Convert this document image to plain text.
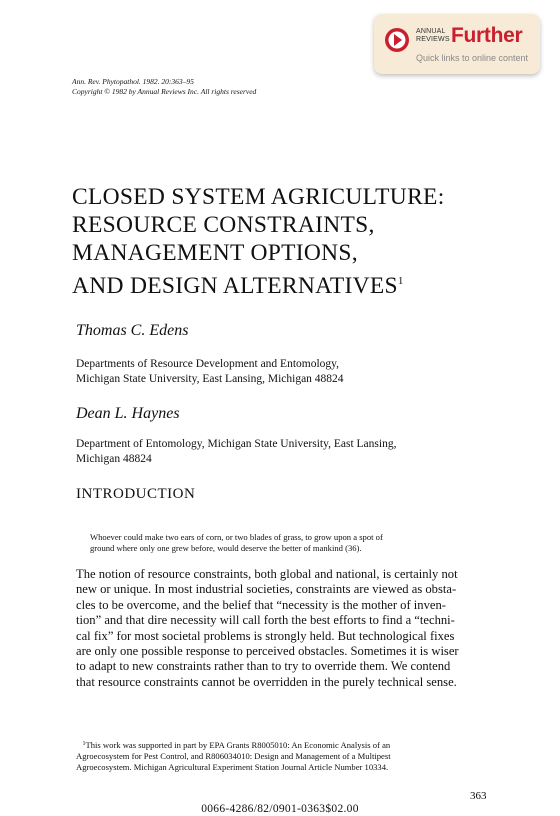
ANNUAL
REVIEWS Further
Quick links to online content
Ann. Rev. Phytopathol. 1982. 20:363–95
Copyright © 1982 by Annual Reviews Inc. All rights reserved
CLOSED SYSTEM AGRICULTURE:
RESOURCE CONSTRAINTS,
MANAGEMENT OPTIONS,
AND DESIGN ALTERNATIVES$^1$
Thomas C. Edens
Departments of Resource Development and Entomology,
Michigan State University, East Lansing, Michigan 48824
Dean L. Haynes
Department of Entomology, Michigan State University, East Lansing,
Michigan 48824
INTRODUCTION
Whoever could make two ears of corn, or two blades of grass, to grow upon a spot of
ground where only one grew before, would deserve the better of mankind (36).
The notion of resource constraints, both global and national, is certainly not
new or unique. In most industrial societies, constraints are viewed as obsta-
cles to be overcome, and the belief that “necessity is the mother of inven-
tion” and that dire necessity will call forth the best efforts to find a “techni-
cal fix” for most societal problems is strongly held. But technological fixes
are only one possible response to perceived obstacles. Sometimes it is wiser
to adapt to new constraints rather than to try to override them. We contend
that resource constraints cannot be overridden in the purely technical sense.
$^1$This work was supported in part by EPA Grants R8005010: An Economic Analysis of an
Agroecosystem for Pest Control, and R806034010: Design and Management of a Multipest
Agroecosystem. Michigan Agricultural Experiment Station Journal Article Number 10334.
363
0066-4286/82/0901-0363$02.00
